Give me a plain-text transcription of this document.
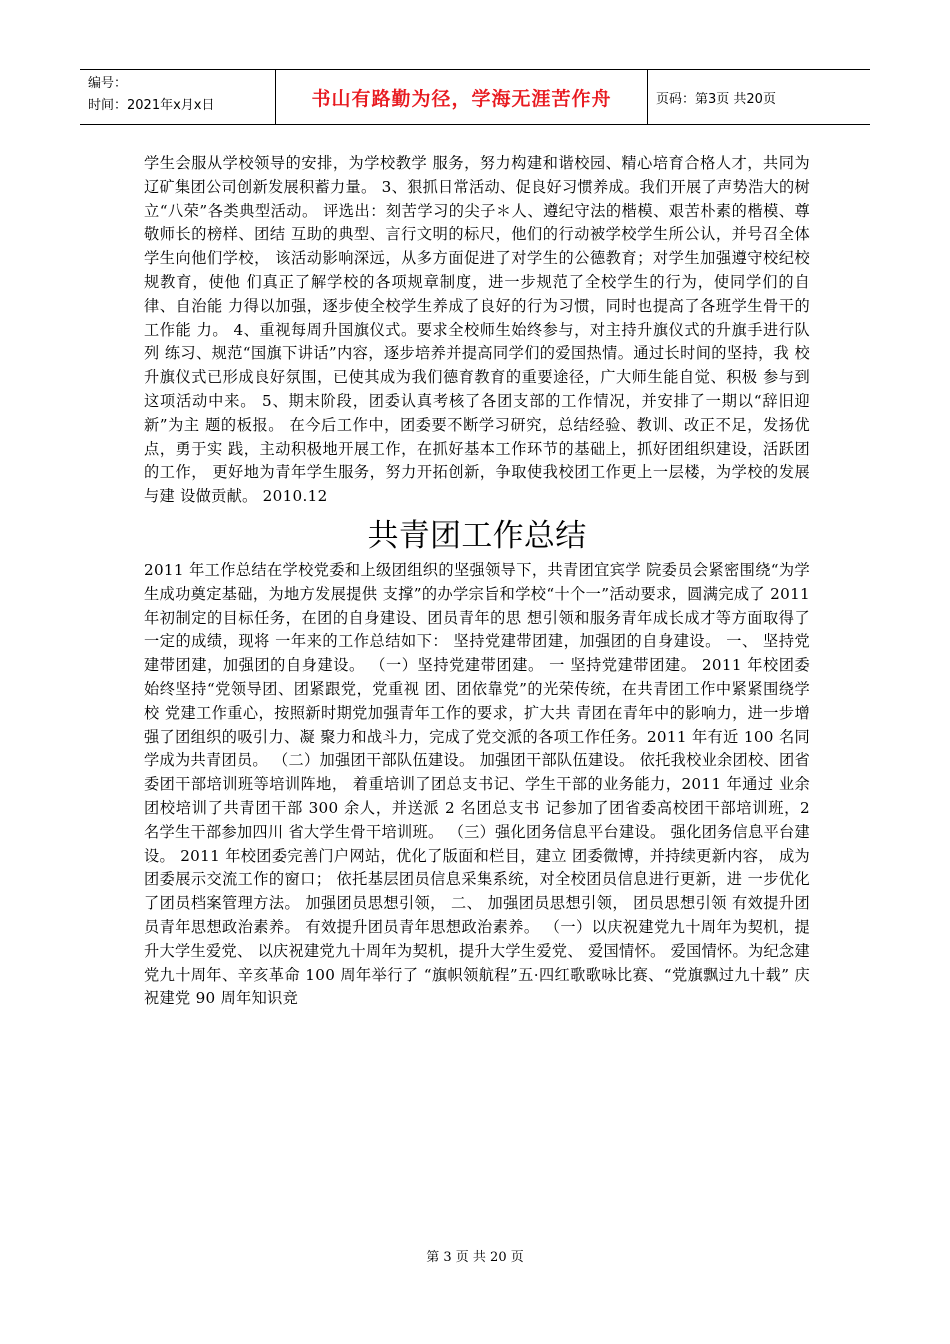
编号：
时间：2021年x月x日	书山有路勤为径，学海无涯苦作舟	页码：第3页 共20页

学生会服从学校领导的安排，为学校教学 服务，努力构建和谐校园、精心培育合格人才，共同为辽矿集团公司创新发展积蓄力量。 3、狠抓日常活动、促良好习惯养成。我们开展了声势浩大的树立“八荣”各类典型活动。 评选出：刻苦学习的尖子＊人、遵纪守法的楷模、艰苦朴素的楷模、尊敬师长的榜样、团结 互助的典型、言行文明的标尺，他们的行动被学校学生所公认，并号召全体学生向他们学校， 该活动影响深远，从多方面促进了对学生的公德教育；对学生加强遵守校纪校规教育，使他 们真正了解学校的各项规章制度，进一步规范了全校学生的行为，使同学们的自律、自治能 力得以加强，逐步使全校学生养成了良好的行为习惯，同时也提高了各班学生骨干的工作能 力。 4、重视每周升国旗仪式。要求全校师生始终参与，对主持升旗仪式的升旗手进行队列 练习、规范“国旗下讲话”内容，逐步培养并提高同学们的爱国热情。通过长时间的坚持，我 校升旗仪式已形成良好氛围，已使其成为我们德育教育的重要途径，广大师生能自觉、积极 参与到这项活动中来。 5、期末阶段，团委认真考核了各团支部的工作情况，并安排了一期以“辞旧迎新”为主 题的板报。 在今后工作中，团委要不断学习研究，总结经验、教训、改正不足，发扬优点，勇于实 践，主动积极地开展工作，在抓好基本工作环节的基础上，抓好团组织建设，活跃团的工作， 更好地为青年学生服务，努力开拓创新，争取使我校团工作更上一层楼，为学校的发展与建 设做贡献。 2010.12

共青团工作总结

2011 年工作总结在学校党委和上级团组织的坚强领导下，共青团宜宾学 院委员会紧密围绕“为学生成功奠定基础，为地方发展提供 支撑”的办学宗旨和学校“十个一”活动要求，圆满完成了 2011 年初制定的目标任务，在团的自身建设、团员青年的思 想引领和服务青年成长成才等方面取得了一定的成绩，现将 一年来的工作总结如下： 坚持党建带团建，加强团的自身建设。 一、 坚持党建带团建，加强团的自身建设。 （一）坚持党建带团建。 一 坚持党建带团建。 2011 年校团委始终坚持“党领导团、团紧跟党，党重视 团、团依靠党”的光荣传统，在共青团工作中紧紧围绕学校 党建工作重心，按照新时期党加强青年工作的要求，扩大共 青团在青年中的影响力，进一步增强了团组织的吸引力、凝 聚力和战斗力，完成了党交派的各项工作任务。2011 年有近 100 名同学成为共青团员。 （二）加强团干部队伍建设。 加强团干部队伍建设。 依托我校业余团校、团省委团干部培训班等培训阵地， 着重培训了团总支书记、学生干部的业务能力，2011 年通过 业余团校培训了共青团干部 300 余人，并送派 2 名团总支书 记参加了团省委高校团干部培训班，2 名学生干部参加四川 省大学生骨干培训班。 （三）强化团务信息平台建设。 强化团务信息平台建设。 2011 年校团委完善门户网站，优化了版面和栏目，建立 团委微博，并持续更新内容， 成为团委展示交流工作的窗口； 依托基层团员信息采集系统，对全校团员信息进行更新，进 一步优化了团员档案管理方法。 加强团员思想引领， 二、 加强团员思想引领， 团员思想引领 有效提升团员青年思想政治素养。 有效提升团员青年思想政治素养。 （一）以庆祝建党九十周年为契机，提升大学生爱党、 以庆祝建党九十周年为契机，提升大学生爱党、 爱国情怀。 爱国情怀。为纪念建党九十周年、辛亥革命 100 周年举行了 “旗帜领航程”五·四红歌歌咏比赛、“党旗飘过九十载” 庆祝建党 90 周年知识竞

第 3 页 共 20 页
